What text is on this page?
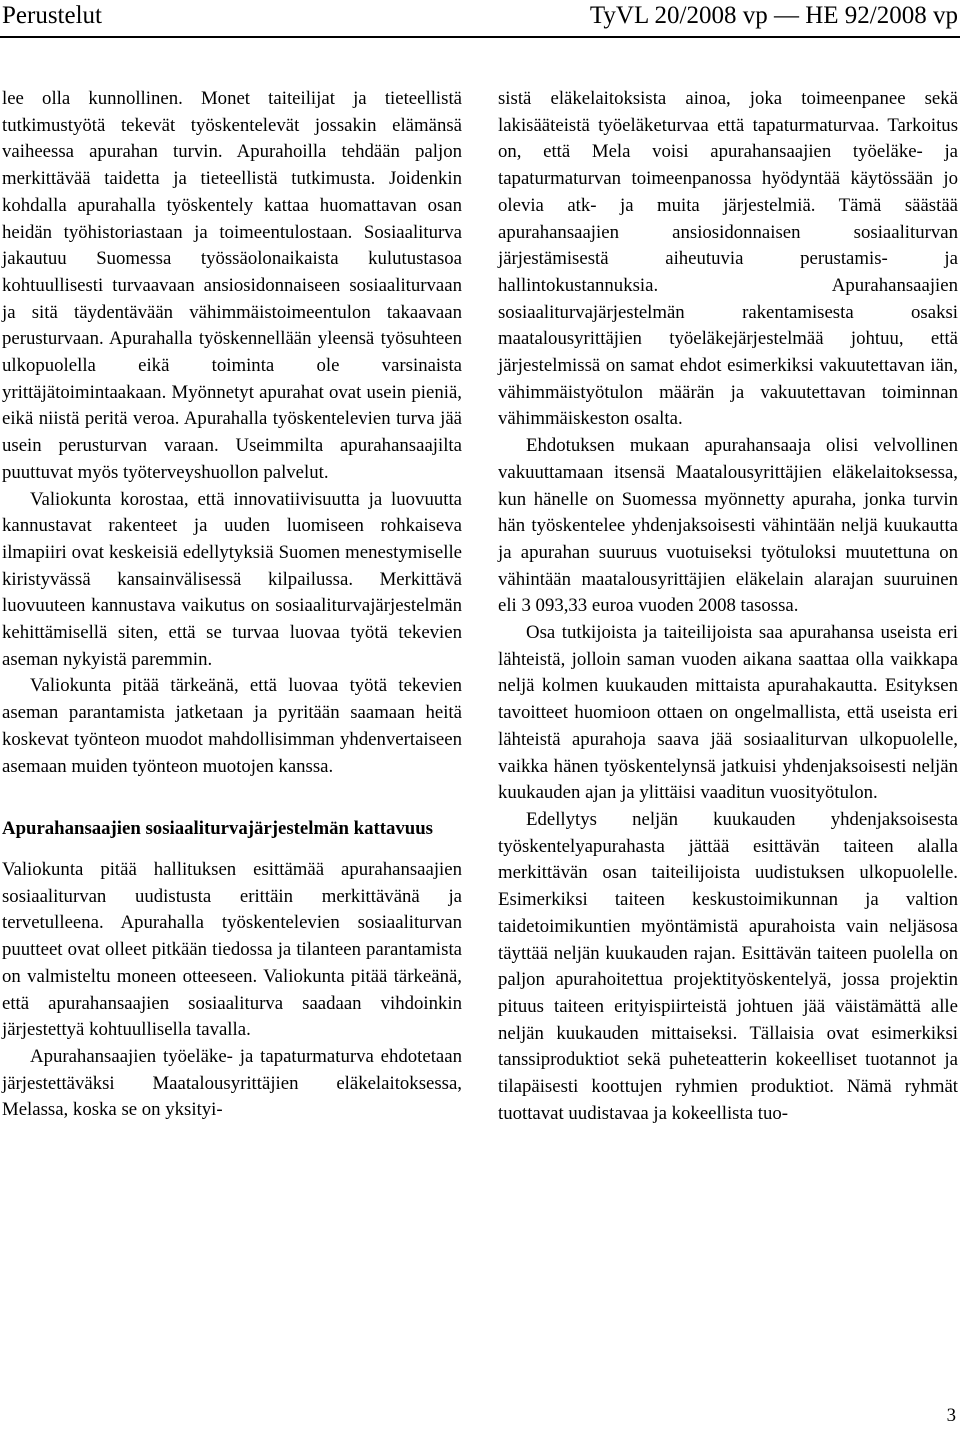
Perustelut	TyVL 20/2008 vp — HE 92/2008 vp

lee olla kunnollinen. Monet taiteilijat ja tieteellistä tutkimustyötä tekevät työskentelevät jossakin elämänsä vaiheessa apurahan turvin. Apurahoilla tehdään paljon merkittävää taidetta ja tieteellistä tutkimusta. Joidenkin kohdalla apurahalla työskentely kattaa huomattavan osan heidän työhistoriastaan ja toimeentulostaan. Sosiaaliturva jakautuu Suomessa työssäolonaikaista kulutustasoa kohtuullisesti turvaavaan ansiosidonnaiseen sosiaaliturvaan ja sitä täydentävään vähimmäistoimeentulon takaavaan perusturvaan. Apurahalla työskennellään yleensä työsuhteen ulkopuolella eikä toiminta ole varsinaista yrittäjätoimintaakaan. Myönnetyt apurahat ovat usein pieniä, eikä niistä peritä veroa. Apurahalla työskentelevien turva jää usein perusturvan varaan. Useimmilta apurahansaajilta puuttuvat myös työterveyshuollon palvelut.

Valiokunta korostaa, että innovatiivisuutta ja luovuutta kannustavat rakenteet ja uuden luomiseen rohkaiseva ilmapiiri ovat keskeisiä edellytyksiä Suomen menestymiselle kiristyvässä kansainvälisessä kilpailussa. Merkittävä luovuuteen kannustava vaikutus on sosiaaliturvajärjestelmän kehittämisellä siten, että se turvaa luovaa työtä tekevien aseman nykyistä paremmin.

Valiokunta pitää tärkeänä, että luovaa työtä tekevien aseman parantamista jatketaan ja pyritään saamaan heitä koskevat työnteon muodot mahdollisimman yhdenvertaiseen asemaan muiden työnteon muotojen kanssa.

Apurahansaajien sosiaaliturvajärjestelmän kattavuus

Valiokunta pitää hallituksen esittämää apurahansaajien sosiaaliturvan uudistusta erittäin merkittävänä ja tervetulleena. Apurahalla työskentelevien sosiaaliturvan puutteet ovat olleet pitkään tiedossa ja tilanteen parantamista on valmisteltu moneen otteeseen. Valiokunta pitää tärkeänä, että apurahansaajien sosiaaliturva saadaan vihdoinkin järjestettyä kohtuullisella tavalla.

Apurahansaajien työeläke- ja tapaturmaturva ehdotetaan järjestettäväksi Maatalousyrittäjien eläkelaitoksessa, Melassa, koska se on yksityi-

sistä eläkelaitoksista ainoa, joka toimeenpanee sekä lakisääteistä työeläketurvaa että tapaturmaturvaa. Tarkoitus on, että Mela voisi apurahansaajien työeläke- ja tapaturmaturvan toimeenpanossa hyödyntää käytössään jo olevia atk- ja muita järjestelmiä. Tämä säästää apurahansaajien ansiosidonnaisen sosiaaliturvan järjestämisestä aiheutuvia perustamis- ja hallintokustannuksia. Apurahansaajien sosiaaliturvajärjestelmän rakentamisesta osaksi maatalousyrittäjien työeläkejärjestelmää johtuu, että järjestelmissä on samat ehdot esimerkiksi vakuutettavan iän, vähimmäistyötulon määrän ja vakuutettavan toiminnan vähimmäiskeston osalta.

Ehdotuksen mukaan apurahansaaja olisi velvollinen vakuuttamaan itsensä Maatalousyrittäjien eläkelaitoksessa, kun hänelle on Suomessa myönnetty apuraha, jonka turvin hän työskentelee yhdenjaksoisesti vähintään neljä kuukautta ja apurahan suuruus vuotuiseksi työtuloksi muutettuna on vähintään maatalousyrittäjien eläkelain alarajan suuruinen eli 3 093,33 euroa vuoden 2008 tasossa.

Osa tutkijoista ja taiteilijoista saa apurahansa useista eri lähteistä, jolloin saman vuoden aikana saattaa olla vaikkapa neljä kolmen kuukauden mittaista apurahakautta. Esityksen tavoitteet huomioon ottaen on ongelmallista, että useista eri lähteistä apurahoja saava jää sosiaaliturvan ulkopuolelle, vaikka hänen työskentelynsä jatkuisi yhdenjaksoisesti neljän kuukauden ajan ja ylittäisi vaaditun vuosityötulon.

Edellytys neljän kuukauden yhdenjaksoisesta työskentelyapurahasta jättää esittävän taiteen alalla merkittävän osan taiteilijoista uudistuksen ulkopuolelle. Esimerkiksi taiteen keskustoimikunnan ja valtion taidetoimikuntien myöntämistä apurahoista vain neljäsosa täyttää neljän kuukauden rajan. Esittävän taiteen puolella on paljon apurahoitettua projektityöskentelyä, jossa projektin pituus taiteen erityispiirteistä johtuen jää väistämättä alle neljän kuukauden mittaiseksi. Tällaisia ovat esimerkiksi tanssiproduktiot sekä puheteatterin kokeelliset tuotannot ja tilapäisesti koottujen ryhmien produktiot. Nämä ryhmät tuottavat uudistavaa ja kokeellista tuo-

3
